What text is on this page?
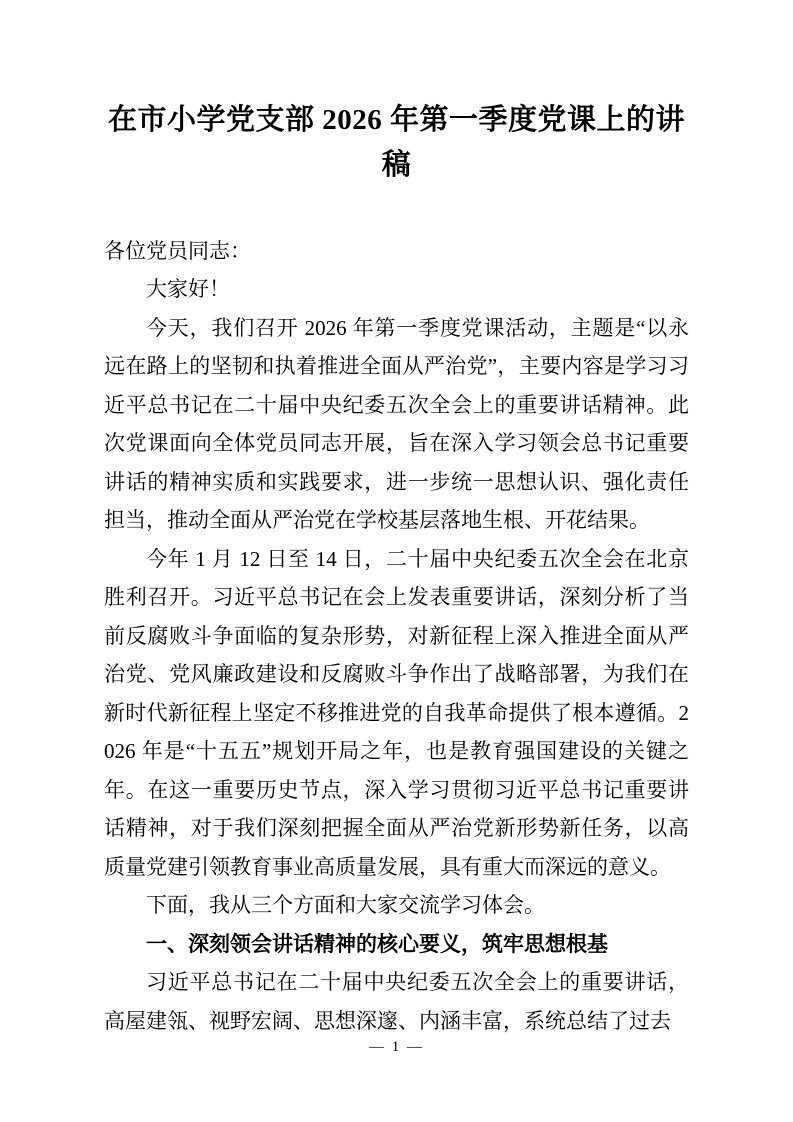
在市小学党支部 2026 年第一季度党课上的讲稿

各位党员同志：

大家好！

今天，我们召开 2026 年第一季度党课活动，主题是“以永远在路上的坚韧和执着推进全面从严治党”，主要内容是学习习近平总书记在二十届中央纪委五次全会上的重要讲话精神。此次党课面向全体党员同志开展，旨在深入学习领会总书记重要讲话的精神实质和实践要求，进一步统一思想认识、强化责任担当，推动全面从严治党在学校基层落地生根、开花结果。

今年 1 月 12 日至 14 日，二十届中央纪委五次全会在北京胜利召开。习近平总书记在会上发表重要讲话，深刻分析了当前反腐败斗争面临的复杂形势，对新征程上深入推进全面从严治党、党风廉政建设和反腐败斗争作出了战略部署，为我们在新时代新征程上坚定不移推进党的自我革命提供了根本遵循。2026 年是“十五五”规划开局之年，也是教育强国建设的关键之年。在这一重要历史节点，深入学习贯彻习近平总书记重要讲话精神，对于我们深刻把握全面从严治党新形势新任务，以高质量党建引领教育事业高质量发展，具有重大而深远的意义。

下面，我从三个方面和大家交流学习体会。

一、深刻领会讲话精神的核心要义，筑牢思想根基

习近平总书记在二十届中央纪委五次全会上的重要讲话，高屋建瓴、视野宏阔、思想深邃、内涵丰富，系统总结了过去

— 1 —
